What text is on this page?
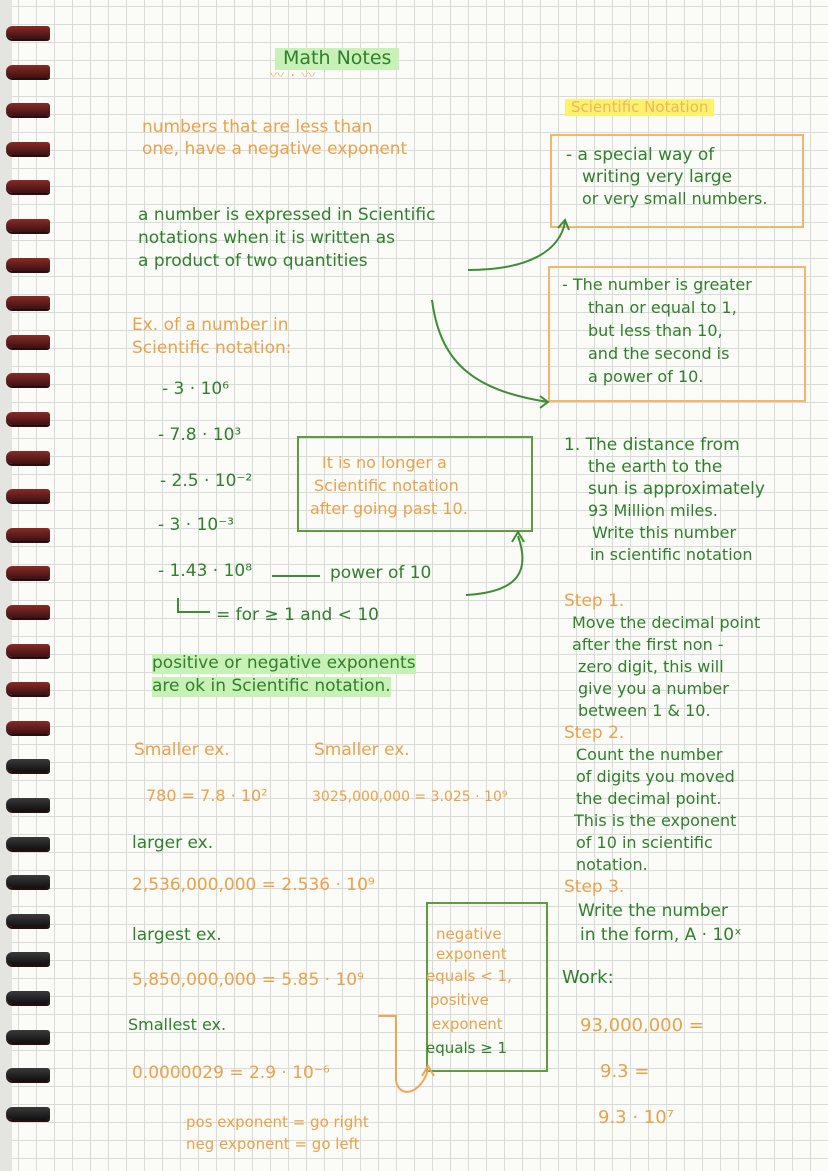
Math Notes
〰 · 〰
numbers that are less than
one, have a negative exponent
a number is expressed in Scientific
notations when it is written as
a product of two quantities
Ex. of a number in
Scientific notation:
- 3 · 10⁶
- 7.8 · 10³
- 2.5 · 10⁻²
- 3 · 10⁻³
- 1.43 · 10⁸	power of 10
= for ≥ 1 and < 10
It is no longer a
Scientific notation
after going past 10.
positive or negative exponents
are ok in Scientific notation.
Smaller ex.	Smaller ex.
780 = 7.8 · 10²	3025,000,000 = 3.025 · 10⁹
larger ex.
2,536,000,000 = 2.536 · 10⁹
largest ex.
5,850,000,000 = 5.85 · 10⁹
Smallest ex.
0.0000029 = 2.9 · 10⁻⁶
negative
exponent
equals < 1,
positive
exponent
equals ≥ 1
pos exponent = go right
neg exponent = go left
Scientific Notation
- a special way of
writing very large
or very small numbers.
- The number is greater
than or equal to 1,
but less than 10,
and the second is
a power of 10.
1. The distance from
the earth to the
sun is approximately
93 Million miles.
Write this number
in scientific notation
Step 1.
Move the decimal point
after the first non -
zero digit, this will
give you a number
between 1 & 10.
Step 2.
Count the number
of digits you moved
the decimal point.
This is the exponent
of 10 in scientific
notation.
Step 3.
Write the number
in the form, A · 10ˣ
Work:
93,000,000 =
9.3 =
9.3 · 10⁷
